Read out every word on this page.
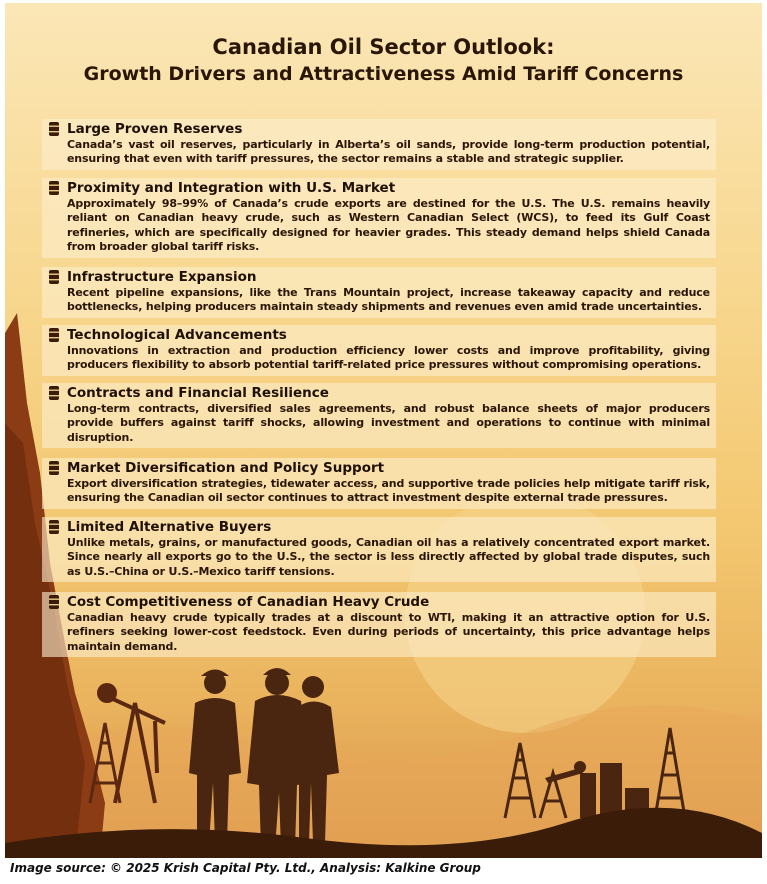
Canadian Oil Sector Outlook:
Growth Drivers and Attractiveness Amid Tariff Concerns
Large Proven Reserves
Canada’s vast oil reserves, particularly in Alberta’s oil sands, provide long-term production potential, ensuring that even with tariff pressures, the sector remains a stable and strategic supplier.
Proximity and Integration with U.S. Market
Approximately 98–99% of Canada’s crude exports are destined for the U.S. The U.S. remains heavily reliant on Canadian heavy crude, such as Western Canadian Select (WCS), to feed its Gulf Coast refineries, which are specifically designed for heavier grades. This steady demand helps shield Canada from broader global tariff risks.
Infrastructure Expansion
Recent pipeline expansions, like the Trans Mountain project, increase takeaway capacity and reduce bottlenecks, helping producers maintain steady shipments and revenues even amid trade uncertainties.
Technological Advancements
Innovations in extraction and production efficiency lower costs and improve profitability, giving producers flexibility to absorb potential tariff-related price pressures without compromising operations.
Contracts and Financial Resilience
Long-term contracts, diversified sales agreements, and robust balance sheets of major producers provide buffers against tariff shocks, allowing investment and operations to continue with minimal disruption.
Market Diversification and Policy Support
Export diversification strategies, tidewater access, and supportive trade policies help mitigate tariff risk, ensuring the Canadian oil sector continues to attract investment despite external trade pressures.
Limited Alternative Buyers
Unlike metals, grains, or manufactured goods, Canadian oil has a relatively concentrated export market. Since nearly all exports go to the U.S., the sector is less directly affected by global trade disputes, such as U.S.–China or U.S.–Mexico tariff tensions.
Cost Competitiveness of Canadian Heavy Crude
Canadian heavy crude typically trades at a discount to WTI, making it an attractive option for U.S. refiners seeking lower-cost feedstock. Even during periods of uncertainty, this price advantage helps maintain demand.
Image source: © 2025 Krish Capital Pty. Ltd., Analysis: Kalkine Group
